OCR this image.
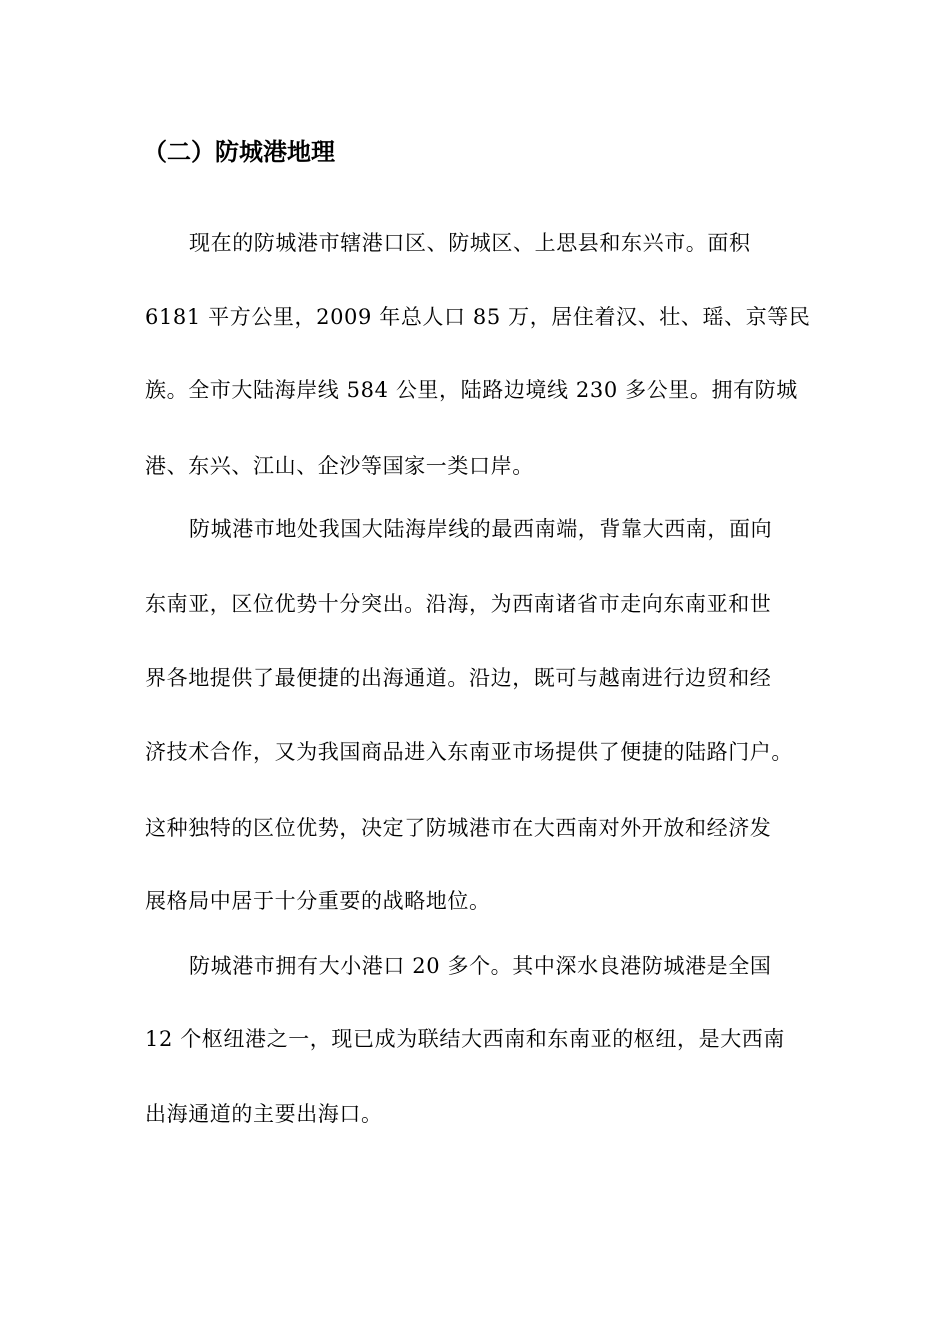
（二）防城港地理

现在的防城港市辖港口区、防城区、上思县和东兴市。面积

6181 平方公里，2009 年总人口 85 万，居住着汉、壮、瑶、京等民

族。全市大陆海岸线 584 公里，陆路边境线 230 多公里。拥有防城

港、东兴、江山、企沙等国家一类口岸。

防城港市地处我国大陆海岸线的最西南端，背靠大西南，面向

东南亚，区位优势十分突出。沿海，为西南诸省市走向东南亚和世

界各地提供了最便捷的出海通道。沿边，既可与越南进行边贸和经

济技术合作，又为我国商品进入东南亚市场提供了便捷的陆路门户。

这种独特的区位优势，决定了防城港市在大西南对外开放和经济发

展格局中居于十分重要的战略地位。

防城港市拥有大小港口 20 多个。其中深水良港防城港是全国

12 个枢纽港之一，现已成为联结大西南和东南亚的枢纽，是大西南

出海通道的主要出海口。
